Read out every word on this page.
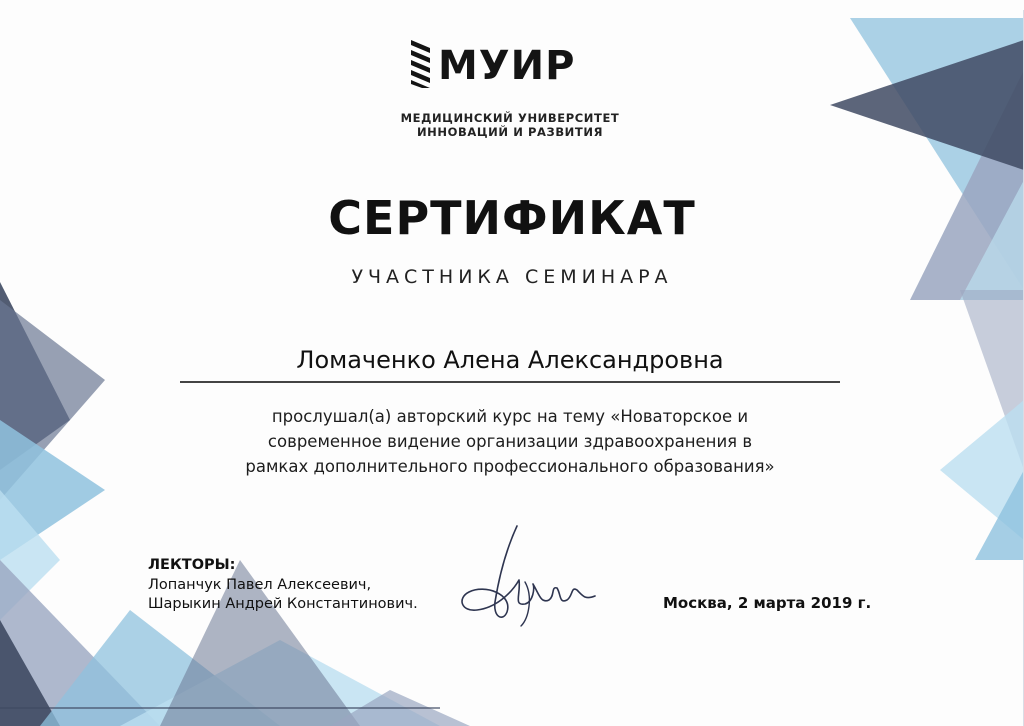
МУИР
МЕДИЦИНСКИЙ УНИВЕРСИТЕТ
ИННОВАЦИЙ И РАЗВИТИЯ
СЕРТИФИКАТ
УЧАСТНИКА СЕМИНАРА
Ломаченко Алена Александровна
прослушал(а) авторский курс на тему «Новаторское и
современное видение организации здравоохранения в
рамках дополнительного профессионального образования»
ЛЕКТОРЫ:
Лопанчук Павел Алексеевич,
Шарыкин Андрей Константинович.	Москва, 2 марта 2019 г.
